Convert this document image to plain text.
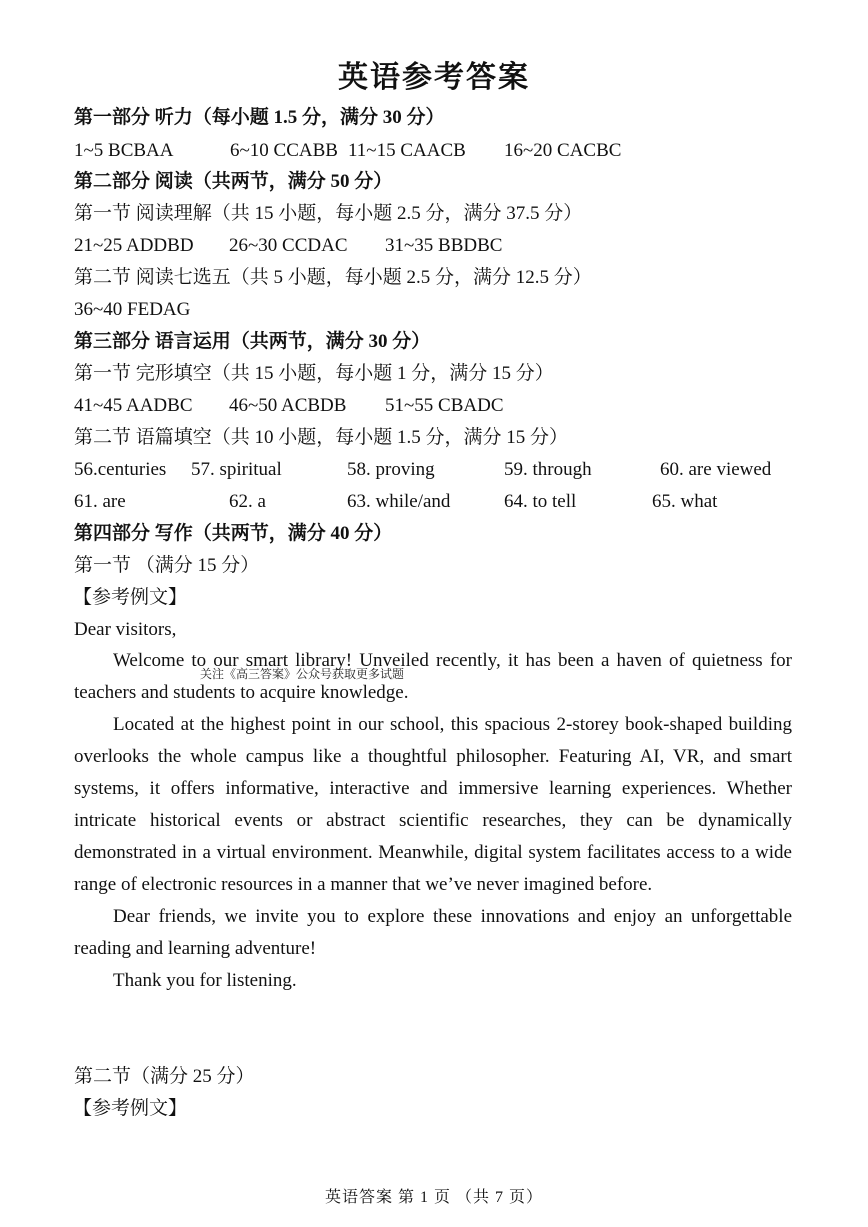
英语参考答案
第一部分 听力（每小题 1.5 分，满分 30 分）
1~5 BCBAA	6~10 CCABB 11~15 CAACB 16~20 CACBC
第二部分 阅读（共两节，满分 50 分）
第一节 阅读理解（共 15 小题，每小题 2.5 分，满分 37.5 分）
21~25 ADDBD 26~30 CCDAC 31~35 BBDBC
第二节 阅读七选五（共 5 小题，每小题 2.5 分，满分 12.5 分）
36~40 FEDAG
第三部分 语言运用（共两节，满分 30 分）
第一节 完形填空（共 15 小题，每小题 1 分，满分 15 分）
41~45 AADBC 46~50 ACBDB 51~55 CBADC
第二节 语篇填空（共 10 小题，每小题 1.5 分，满分 15 分）
56.centuries 57. spiritual	58. proving	59. through	60. are viewed
61. are	62. a	63. while/and	64. to tell	65. what
第四部分 写作（共两节，满分 40 分）
第一节 （满分 15 分）
【参考例文】
Dear visitors,
Welcome to our smart library! Unveiled recently, it has been a haven of quietness for teachers and students to acquire knowledge.
关注《高三答案》公众号获取更多试题
Located at the highest point in our school, this spacious 2-storey book-shaped building overlooks the whole campus like a thoughtful philosopher. Featuring AI, VR, and smart systems, it offers informative, interactive and immersive learning experiences. Whether intricate historical events or abstract scientific researches, they can be dynamically demonstrated in a virtual environment. Meanwhile, digital system facilitates access to a wide range of electronic resources in a manner that we’ve never imagined before.
Dear friends, we invite you to explore these innovations and enjoy an unforgettable reading and learning adventure!
Thank you for listening.
第二节（满分 25 分）
【参考例文】
英语答案 第 1 页 （共 7 页）
